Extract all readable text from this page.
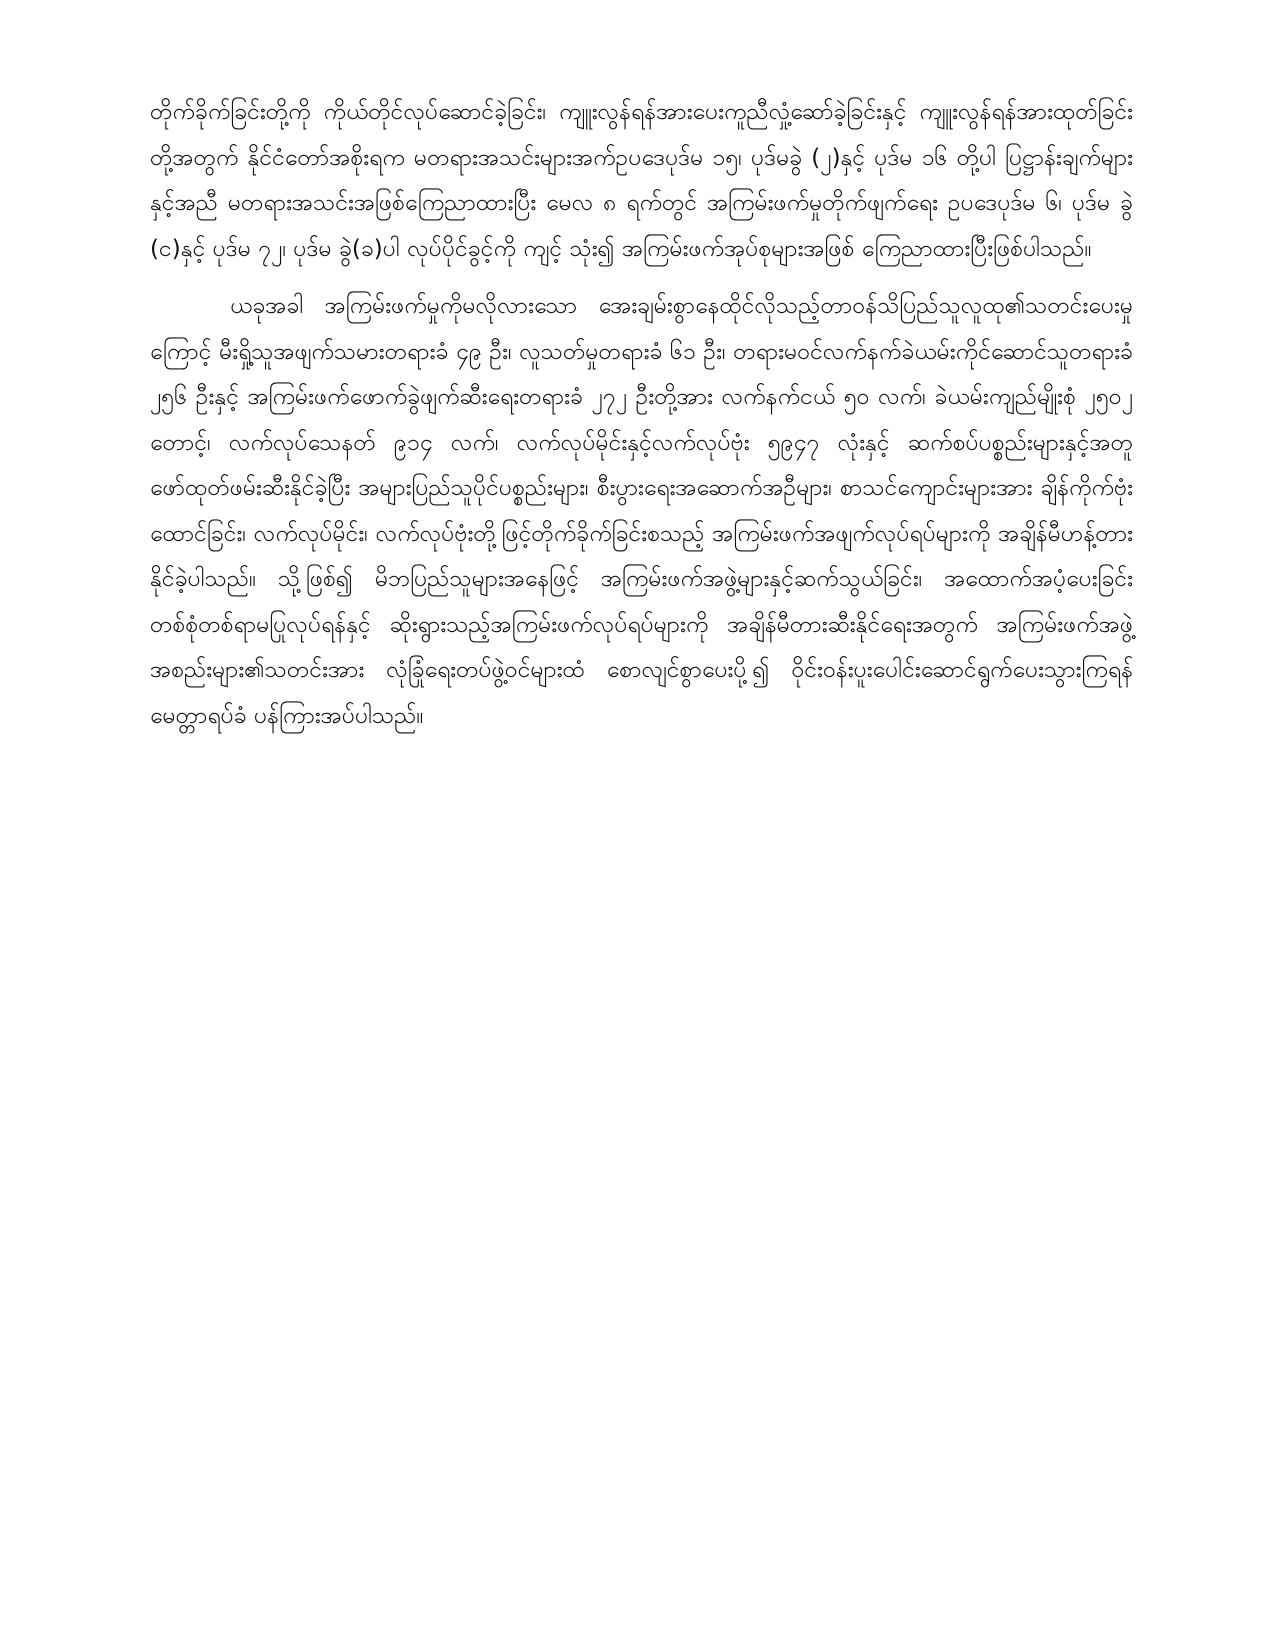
တိုက်ခိုက်ခြင်းတို့ကို ကိုယ်တိုင်လုပ်ဆောင်ခဲ့ခြင်း၊ ကျူးလွန်ရန်အားပေးကူညီလှုံ့ဆော်ခဲ့ခြင်းနှင့် ကျူးလွန်ရန်အားထုတ်ခြင်းတို့အတွက် နိုင်ငံတော်အစိုးရက မတရားအသင်းများအက်ဥပဒေပုဒ်မ ၁၅၊ ပုဒ်မခွဲ (၂)နှင့် ပုဒ်မ ၁၆ တို့ပါ ပြဋ္ဌာန်းချက်များနှင့်အညီ မတရားအသင်းအဖြစ်ကြေညာထားပြီး မေလ ၈ ရက်တွင် အကြမ်းဖက်မှုတိုက်ဖျက်ရေး ဥပဒေပုဒ်မ ၆၊ ပုဒ်မ ခွဲ (င)နှင့် ပုဒ်မ ၇၂၊ ပုဒ်မ ခွဲ(ခ)ပါ လုပ်ပိုင်ခွင့်ကို ကျင့် သုံး၍ အကြမ်းဖက်အုပ်စုများအဖြစ် ကြေညာထားပြီးဖြစ်ပါသည်။

ယခုအခါ အကြမ်းဖက်မှုကိုမလိုလားသော အေးချမ်းစွာနေထိုင်လိုသည့်တာဝန်သိပြည်သူလူထု၏သတင်းပေးမှုကြောင့် မီးရှို့သူအဖျက်သမားတရားခံ ၄၉ ဦး၊ လူသတ်မှုတရားခံ ၆၁ ဦး၊ တရားမဝင်လက်နက်ခဲယမ်းကိုင်ဆောင်သူတရားခံ ၂၅၆ ဦးနှင့် အကြမ်းဖက်ဖောက်ခွဲဖျက်ဆီးရေးတရားခံ ၂၇၂ ဦးတို့အား လက်နက်ငယ် ၅၀ လက်၊ ခဲယမ်းကျည်မျိုးစုံ ၂၅၀၂ တောင့်၊ လက်လုပ်သေနတ် ၉၁၄ လက်၊ လက်လုပ်မိုင်းနှင့်လက်လုပ်ဗုံး ၅၉၄၇ လုံးနှင့် ဆက်စပ်ပစ္စည်းများနှင့်အတူ ဖော်ထုတ်ဖမ်းဆီးနိုင်ခဲ့ပြီး အများပြည်သူပိုင်ပစ္စည်းများ၊ စီးပွားရေးအဆောက်အဦများ၊ စာသင်ကျောင်းများအား ချိန်ကိုက်ဗုံးထောင်ခြင်း၊ လက်လုပ်မိုင်း၊ လက်လုပ်ဗုံးတို့ဖြင့်တိုက်ခိုက်ခြင်းစသည့် အကြမ်းဖက်အဖျက်လုပ်ရပ်များကို အချိန်မီဟန့်တားနိုင်ခဲ့ပါသည်။ သို့ဖြစ်၍ မိဘပြည်သူများအနေဖြင့် အကြမ်းဖက်အဖွဲ့များနှင့်ဆက်သွယ်ခြင်း၊ အထောက်အပံ့ပေးခြင်း တစ်စုံတစ်ရာမပြုလုပ်ရန်နှင့် ဆိုးရွားသည့်အကြမ်းဖက်လုပ်ရပ်များကို အချိန်မီတားဆီးနိုင်ရေးအတွက် အကြမ်းဖက်အဖွဲ့အစည်းများ၏သတင်းအား လုံခြုံရေးတပ်ဖွဲ့ဝင်များထံ စောလျင်စွာပေးပို့၍ ဝိုင်းဝန်းပူးပေါင်းဆောင်ရွက်ပေးသွားကြရန် မေတ္တာရပ်ခံ ပန်ကြားအပ်ပါသည်။
